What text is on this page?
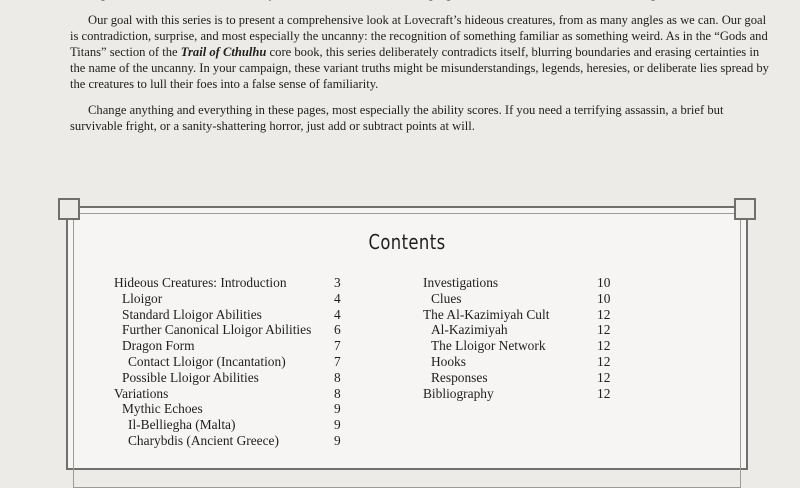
Our goal with this series is to present a comprehensive look at Lovecraft’s hideous creatures, from as many angles as we can. Our goal is contradiction, surprise, and most especially the uncanny: the recognition of something familiar as something weird. As in the “Gods and Titans” section of the Trail of Cthulhu core book, this series deliberately contradicts itself, blurring boundaries and erasing certainties in the name of the uncanny. In your campaign, these variant truths might be misunderstandings, legends, heresies, or deliberate lies spread by the creatures to lull their foes into a false sense of familiarity.

Change anything and everything in these pages, most especially the ability scores. If you need a terrifying assassin, a brief but survivable fright, or a sanity-shattering horror, just add or subtract points at will.

Contents
Hideous Creatures: Introduction	3
Lloigor	4
Standard Lloigor Abilities	4
Further Canonical Lloigor Abilities 6
Dragon Form	7
Contact Lloigor (Incantation)	7
Possible Lloigor Abilities	8
Variations	8
Mythic Echoes	9
Il-Belliegha (Malta)	9
Charybdis (Ancient Greece)	9
Investigations	10
Clues	10
The Al-Kazimiyah Cult	12
Al-Kazimiyah	12
The Lloigor Network	12
Hooks	12
Responses	12
Bibliography	12
